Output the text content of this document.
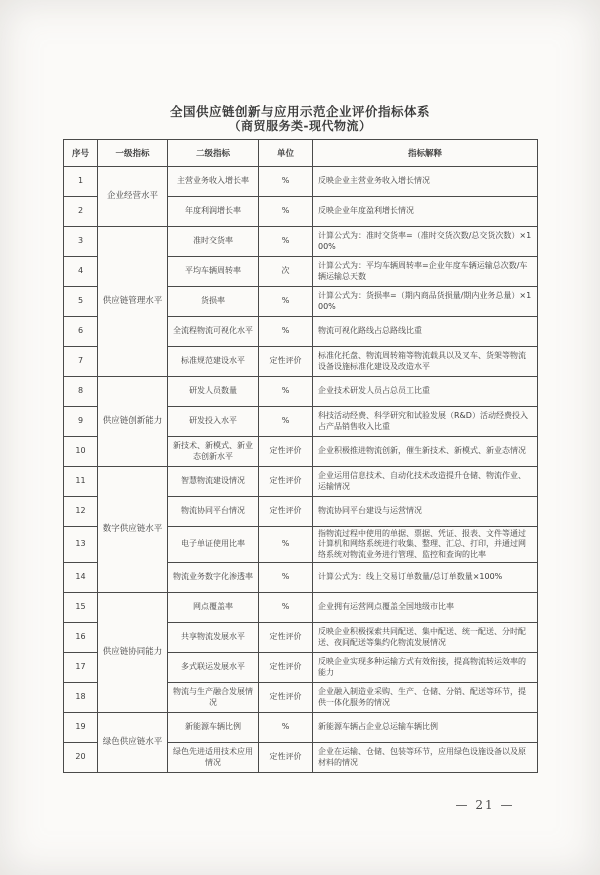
全国供应链创新与应用示范企业评价指标体系
（商贸服务类-现代物流）
序号	一级指标	二级指标	单位	指标解释
1	企业经营水平	主营业务收入增长率	%	反映企业主营业务收入增长情况
2		年度利润增长率	%	反映企业年度盈利增长情况
3	供应链管理水平	准时交货率	%	计算公式为：准时交货率=（准时交货次数/总交货次数）×100%
4		平均车辆周转率	次	计算公式为：平均车辆周转率=企业年度车辆运输总次数/车辆运输总天数
5		货损率	%	计算公式为：货损率=（期内商品货损量/期内业务总量）×100%
6		全流程物流可视化水平	%	物流可视化路线占总路线比重
7		标准规范建设水平	定性评价	标准化托盘、物流周转箱等物流载具以及叉车、货架等物流设备设施标准化建设及改造水平
8	供应链创新能力	研发人员数量	%	企业技术研发人员占总员工比重
9		研发投入水平	%	科技活动经费、科学研究和试验发展（R&D）活动经费投入占产品销售收入比重
10		新技术、新模式、新业态创新水平	定性评价	企业积极推进物流创新，催生新技术、新模式、新业态情况
11	数字供应链水平	智慧物流建设情况	定性评价	企业运用信息技术、自动化技术改造提升仓储、物流作业、运输情况
12		物流协同平台情况	定性评价	物流协同平台建设与运营情况
13		电子单证使用比率	%	指物流过程中使用的单据、票据、凭证、报表、文件等通过计算机和网络系统进行收集、整理、汇总、打印，并通过网络系统对物流业务进行管理、监控和查询的比率
14		物流业务数字化渗透率	%	计算公式为：线上交易订单数量/总订单数量×100%
15	供应链协同能力	网点覆盖率	%	企业拥有运营网点覆盖全国地级市比率
16		共享物流发展水平	定性评价	反映企业积极探索共同配送、集中配送、统一配送、分时配送、夜间配送等集约化物流发展情况
17		多式联运发展水平	定性评价	反映企业实现多种运输方式有效衔接，提高物流转运效率的能力
18		物流与生产融合发展情况	定性评价	企业融入制造业采购、生产、仓储、分销、配送等环节，提供一体化服务的情况
19	绿色供应链水平	新能源车辆比例	%	新能源车辆占企业总运输车辆比例
20		绿色先进适用技术应用情况	定性评价	企业在运输、仓储、包装等环节，应用绿色设施设备以及原材料的情况
— 21 —
